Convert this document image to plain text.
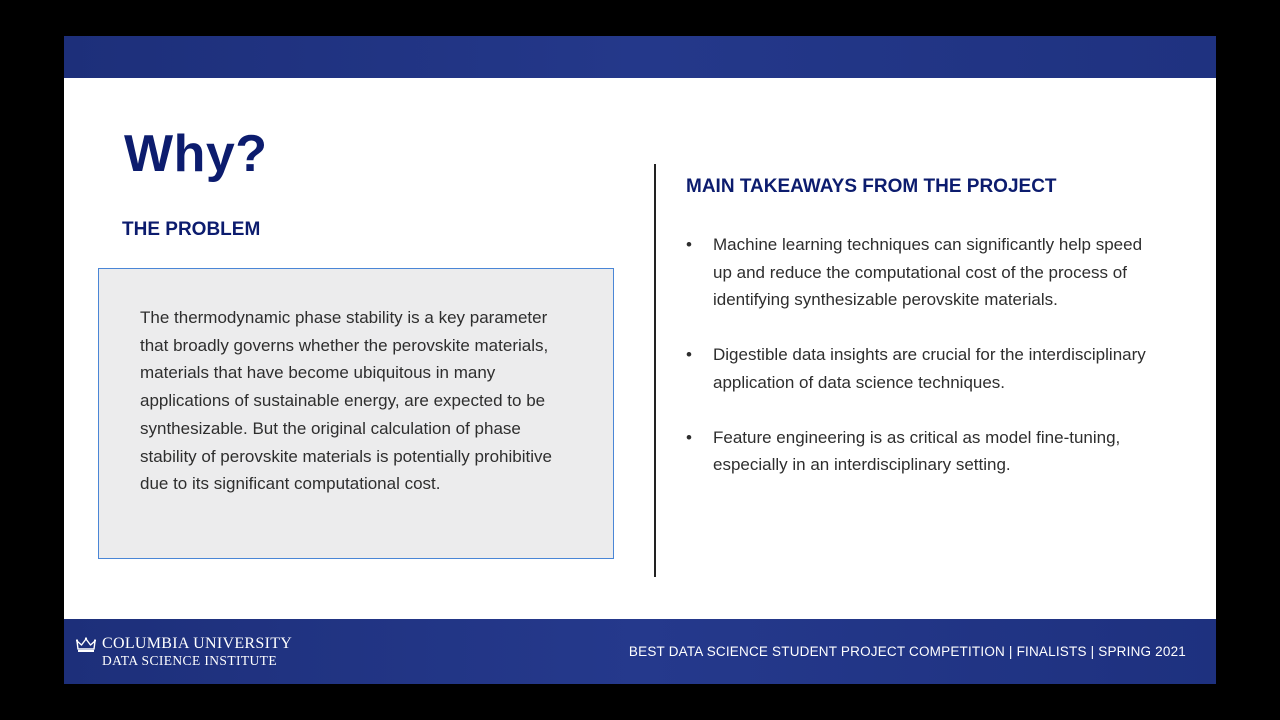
Why?
THE PROBLEM

The thermodynamic phase stability is a key parameter that broadly governs whether the perovskite materials, materials that have become ubiquitous in many applications of sustainable energy, are expected to be synthesizable. But the original calculation of phase stability of perovskite materials is potentially prohibitive due to its significant computational cost.

MAIN TAKEAWAYS FROM THE PROJECT
• Machine learning techniques can significantly help speed up and reduce the computational cost of the process of identifying synthesizable perovskite materials.
• Digestible data insights are crucial for the interdisciplinary application of data science techniques.
• Feature engineering is as critical as model fine-tuning, especially in an interdisciplinary setting.
COLUMBIA UNIVERSITY
DATA SCIENCE INSTITUTE
BEST DATA SCIENCE STUDENT PROJECT COMPETITION | FINALISTS | SPRING 2021
